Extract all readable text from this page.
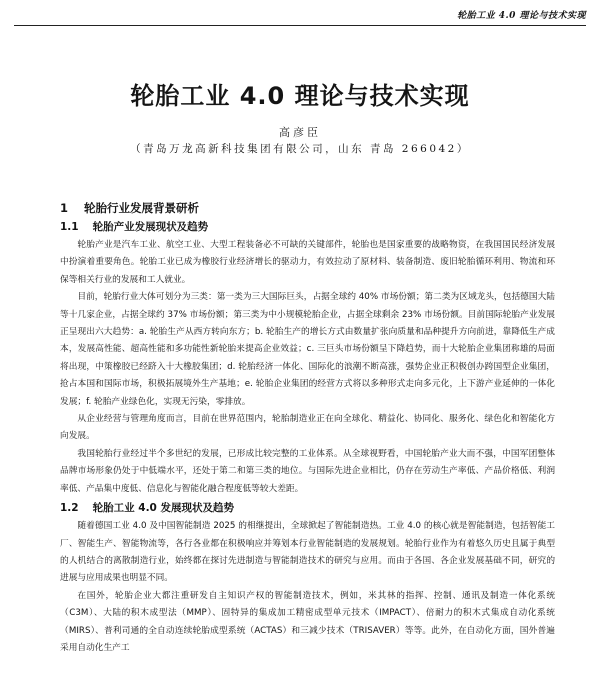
轮胎工业 4.0 理论与技术实现
轮胎工业 4.0 理论与技术实现
高彦臣
（青岛万龙高新科技集团有限公司，山东 青岛 266042）
1 轮胎行业发展背景研析
1.1 轮胎产业发展现状及趋势

轮胎产业是汽车工业、航空工业、大型工程装备必不可缺的关键部件，轮胎也是国家重要的战略物资，在我国国民经济发展中扮演着重要角色。轮胎工业已成为橡胶行业经济增长的驱动力，有效拉动了原材料、装备制造、废旧轮胎循环利用、物流和环保等相关行业的发展和工人就业。

目前，轮胎行业大体可划分为三类：第一类为三大国际巨头，占据全球约 40% 市场份额；第二类为区域龙头，包括德国大陆等十几家企业，占据全球约 37% 市场份额；第三类为中小规模轮胎企业，占据全球剩余 23% 市场份额。目前国际轮胎产业发展正呈现出六大趋势：a. 轮胎生产从西方转向东方；b. 轮胎生产的增长方式由数量扩张向质量和品种提升方向前进，靠降低生产成本，发展高性能、超高性能和多功能性新轮胎来提高企业效益；c. 三巨头市场份额呈下降趋势，而十大轮胎企业集团称雄的局面将出现，中策橡胶已经跻入十大橡胶集团；d. 轮胎经济一体化、国际化的浪潮不断高涨，强势企业正积极创办跨国型企业集团，抢占本国和国际市场，积极拓展境外生产基地；e. 轮胎企业集团的经营方式将以多种形式走向多元化，上下游产业延伸的一体化发展；f. 轮胎产业绿色化，实现无污染，零排放。

从企业经营与管理角度而言，目前在世界范围内，轮胎制造业正在向全球化、精益化、协同化、服务化、绿色化和智能化方向发展。

我国轮胎行业经过半个多世纪的发展，已形成比较完整的工业体系。从全球视野看，中国轮胎产业大而不强，中国军团整体品牌市场形象仍处于中低端水平，还处于第二和第三类的地位。与国际先进企业相比，仍存在劳动生产率低、产品价格低、利润率低、产品集中度低、信息化与智能化融合程度低等较大差距。

1.2 轮胎工业 4.0 发展现状及趋势

随着德国工业 4.0 及中国智能制造 2025 的相继提出，全球掀起了智能制造热。工业 4.0 的核心就是智能制造，包括智能工厂、智能生产、智能物流等，各行各业都在积极响应并筹划本行业智能制造的发展规划。轮胎行业作为有着悠久历史且属于典型的人机结合的离散制造行业，始终都在探讨先进制造与智能制造技术的研究与应用。而由于各国、各企业发展基础不同，研究的进展与应用成果也明显不同。

在国外，轮胎企业大都注重研发自主知识产权的智能制造技术，例如，米其林的指挥、控制、通讯及制造一体化系统（C3M）、大陆的积木成型法（MMP）、固特异的集成加工精密成型单元技术（IMPACT）、倍耐力的积木式集成自动化系统（MIRS）、普利司通的全自动连续轮胎成型系统（ACTAS）和三减少技术（TRISAVER）等等。此外，在自动化方面，国外普遍采用自动化生产工
